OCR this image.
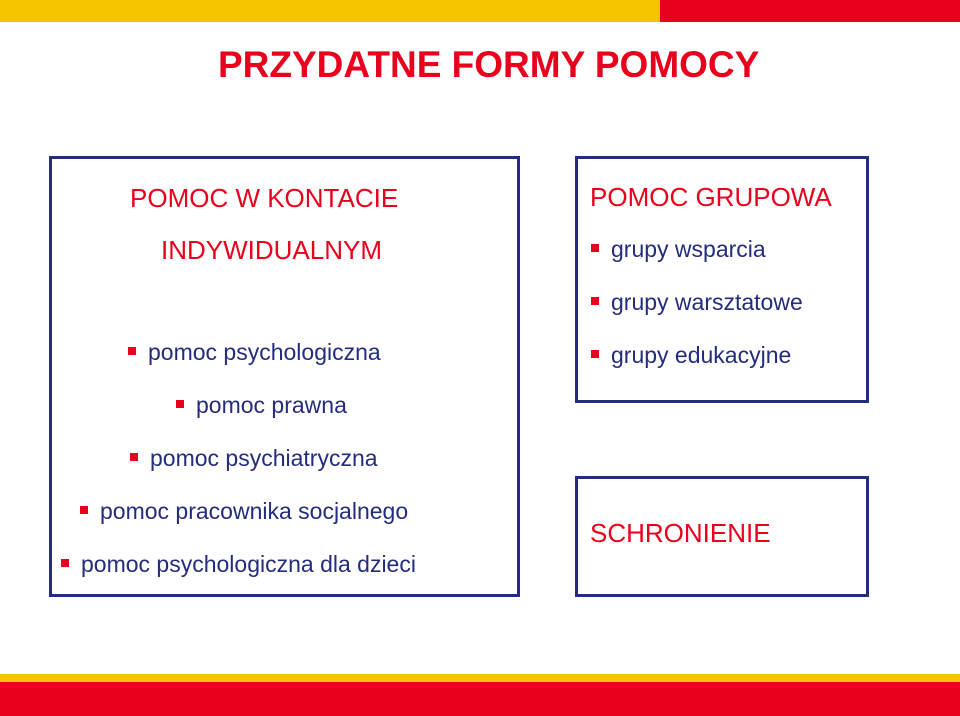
PRZYDATNE FORMY POMOCY
POMOC W KONTACIE
INDYWIDUALNYM
pomoc psychologiczna
pomoc prawna
pomoc psychiatryczna
pomoc pracownika socjalnego
pomoc psychologiczna dla dzieci
POMOC GRUPOWA
grupy wsparcia
grupy warsztatowe
grupy edukacyjne
SCHRONIENIE
